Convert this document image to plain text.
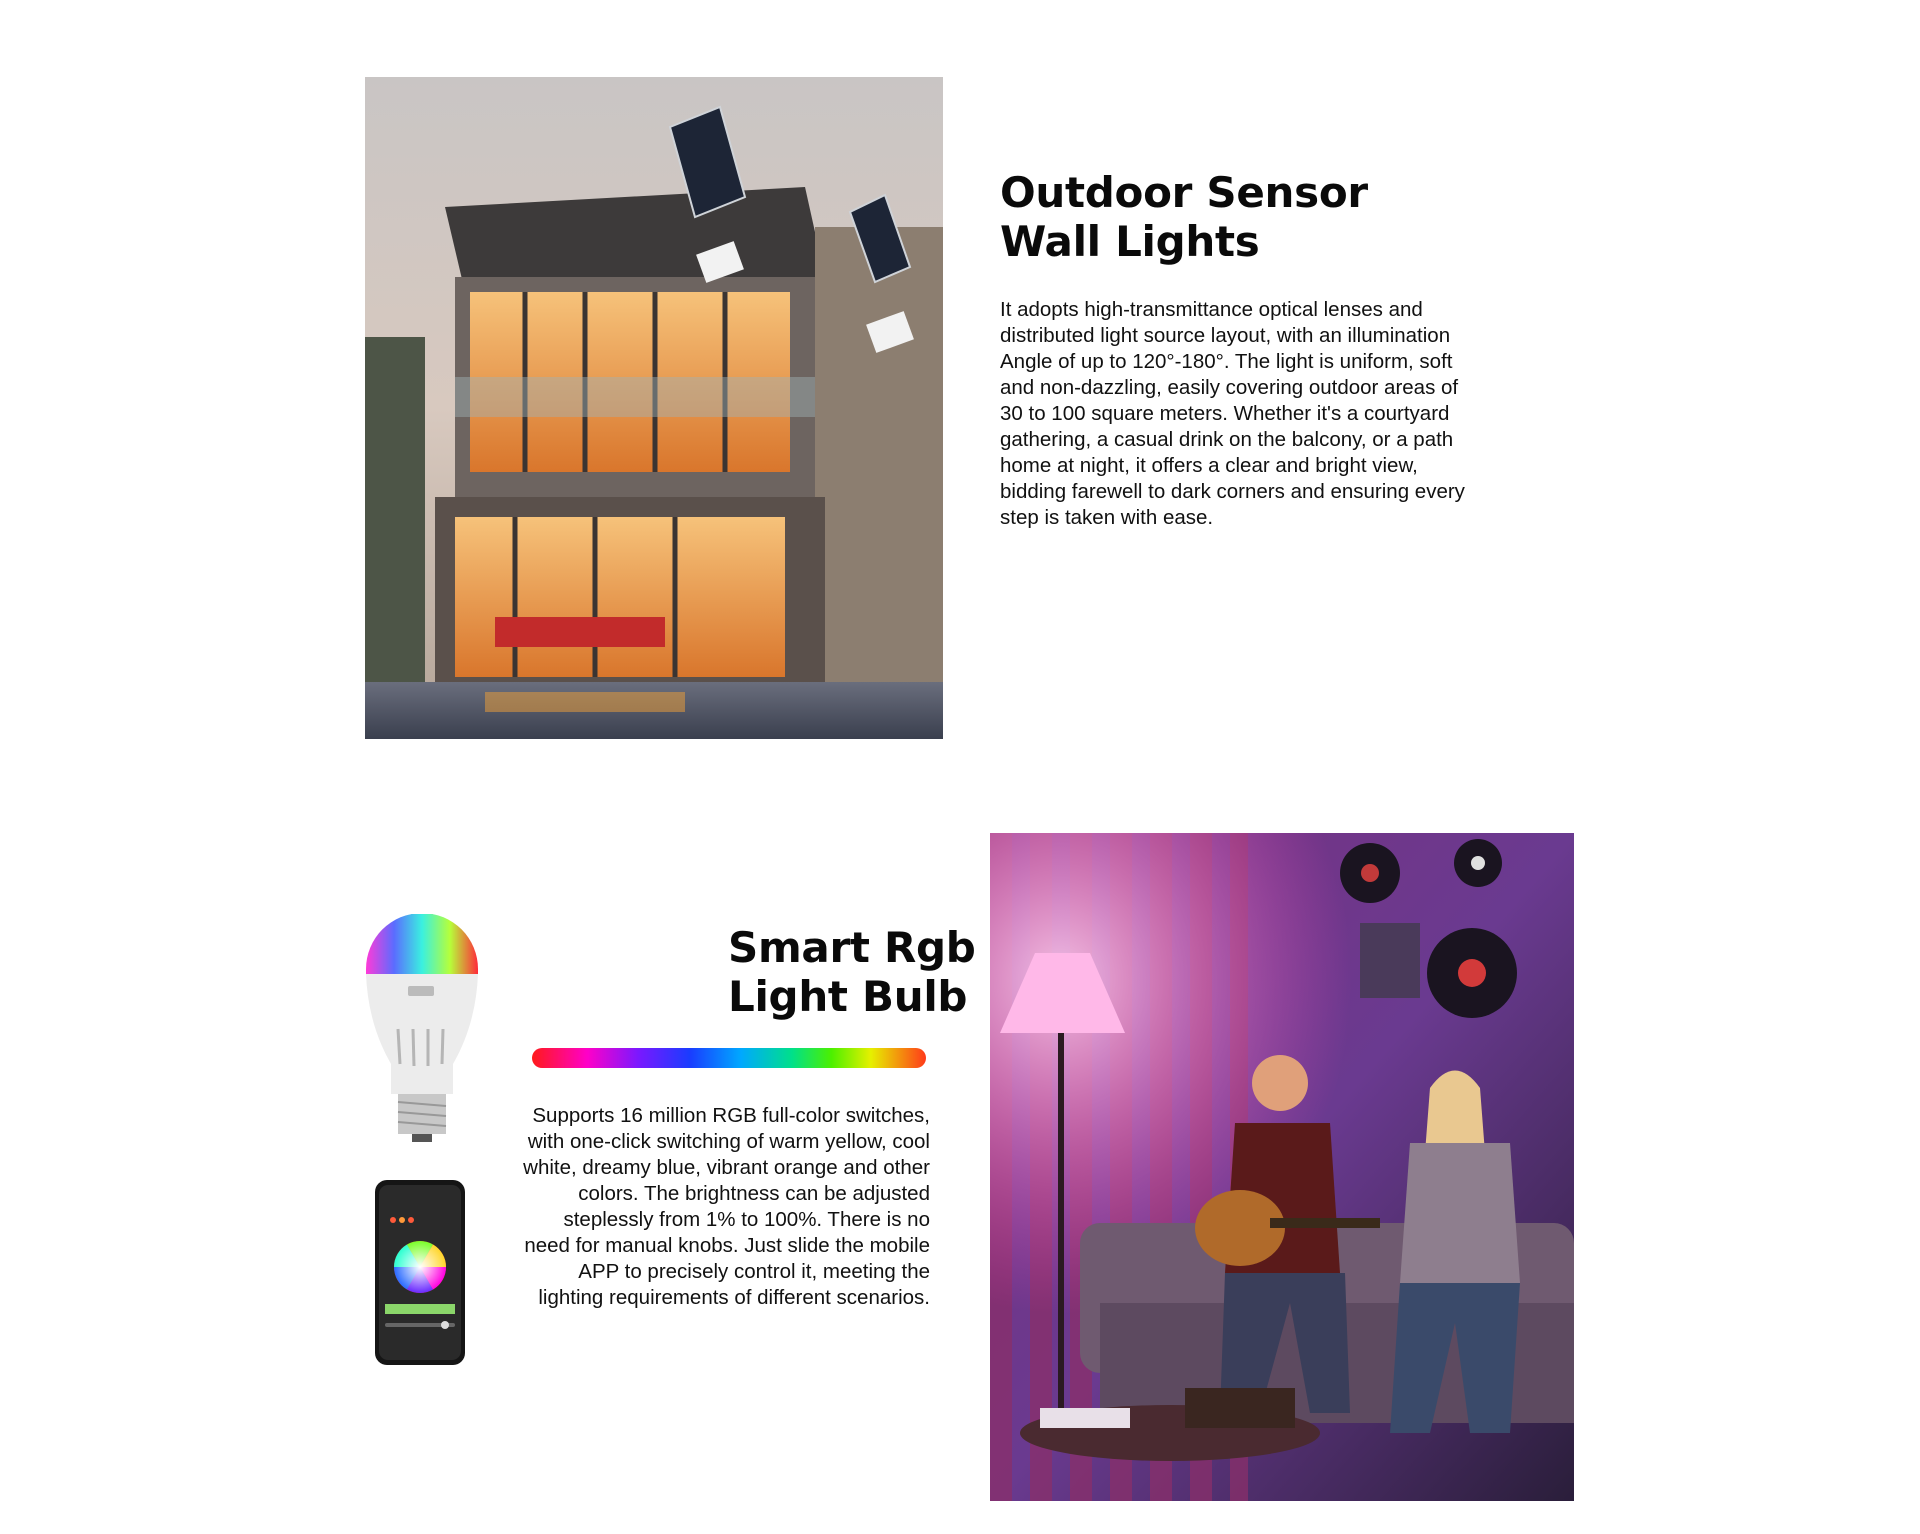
Outdoor Sensor
Wall Lights

It adopts high-transmittance optical lenses and distributed light source layout, with an illumination Angle of up to 120°-180°. The light is uniform, soft and non-dazzling, easily covering outdoor areas of 30 to 100 square meters. Whether it's a courtyard gathering, a casual drink on the balcony, or a path home at night, it offers a clear and bright view, bidding farewell to dark corners and ensuring every step is taken with ease.

Smart Rgb
Light Bulb

Supports 16 million RGB full-color switches, with one-click switching of warm yellow, cool white, dreamy blue, vibrant orange and other colors. The brightness can be adjusted steplessly from 1% to 100%. There is no need for manual knobs. Just slide the mobile APP to precisely control it, meeting the lighting requirements of different scenarios.
